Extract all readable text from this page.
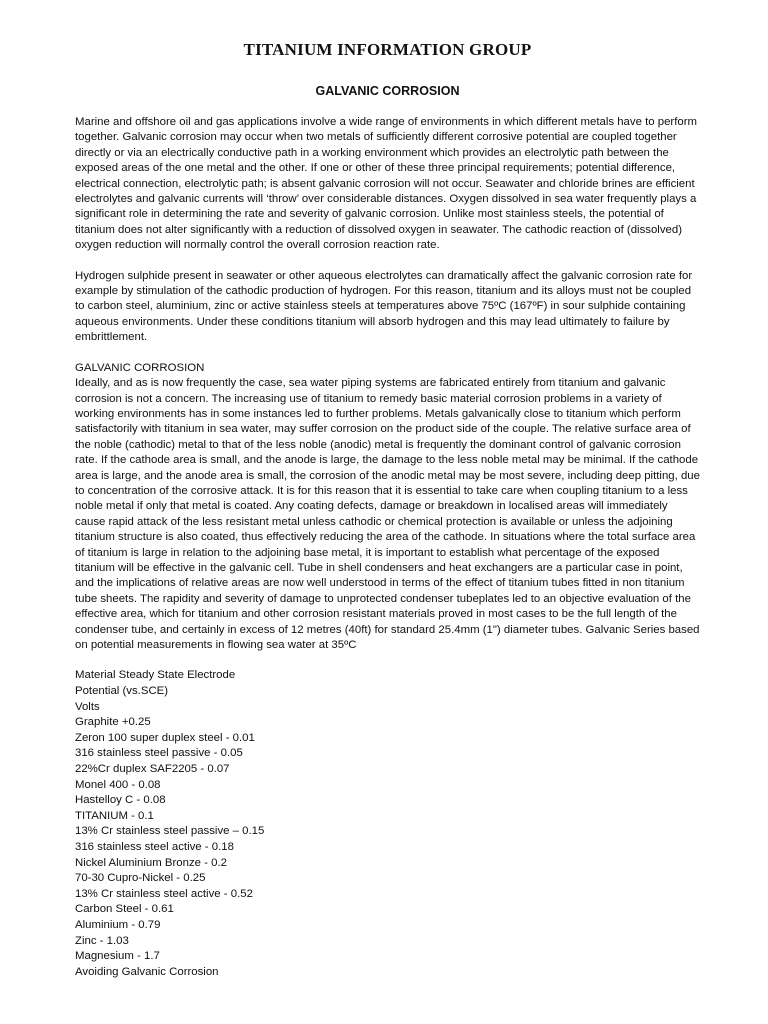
TITANIUM INFORMATION GROUP
GALVANIC CORROSION

Marine and offshore oil and gas applications involve a wide range of environments in which different metals have to perform together. Galvanic corrosion may occur when two metals of sufficiently different corrosive potential are coupled together directly or via an electrically conductive path in a working environment which provides an electrolytic path between the exposed areas of the one metal and the other. If one or other of these three principal requirements; potential difference, electrical connection, electrolytic path; is absent galvanic corrosion will not occur. Seawater and chloride brines are efficient electrolytes and galvanic currents will ‘throw’ over considerable distances. Oxygen dissolved in sea water frequently plays a significant role in determining the rate and severity of galvanic corrosion. Unlike most stainless steels, the potential of titanium does not alter significantly with a reduction of dissolved oxygen in seawater. The cathodic reaction of (dissolved) oxygen reduction will normally control the overall corrosion reaction rate.

Hydrogen sulphide present in seawater or other aqueous electrolytes can dramatically affect the galvanic corrosion rate for example by stimulation of the cathodic production of hydrogen. For this reason, titanium and its alloys must not be coupled to carbon steel, aluminium, zinc or active stainless steels at temperatures above 75ºC (167ºF) in sour sulphide containing aqueous environments. Under these conditions titanium will absorb hydrogen and this may lead ultimately to failure by embrittlement.

GALVANIC CORROSION

Ideally, and as is now frequently the case, sea water piping systems are fabricated entirely from titanium and galvanic corrosion is not a concern. The increasing use of titanium to remedy basic material corrosion problems in a variety of working environments has in some instances led to further problems. Metals galvanically close to titanium which perform satisfactorily with titanium in sea water, may suffer corrosion on the product side of the couple. The relative surface area of the noble (cathodic) metal to that of the less noble (anodic) metal is frequently the dominant control of galvanic corrosion rate. If the cathode area is small, and the anode is large, the damage to the less noble metal may be minimal. If the cathode area is large, and the anode area is small, the corrosion of the anodic metal may be most severe, including deep pitting, due to concentration of the corrosive attack. It is for this reason that it is essential to take care when coupling titanium to a less noble metal if only that metal is coated. Any coating defects, damage or breakdown in localised areas will immediately cause rapid attack of the less resistant metal unless cathodic or chemical protection is available or unless the adjoining titanium structure is also coated, thus effectively reducing the area of the cathode. In situations where the total surface area of titanium is large in relation to the adjoining base metal, it is important to establish what percentage of the exposed titanium will be effective in the galvanic cell. Tube in shell condensers and heat exchangers are a particular case in point, and the implications of relative areas are now well understood in terms of the effect of titanium tubes fitted in non titanium tube sheets. The rapidity and severity of damage to unprotected condenser tubeplates led to an objective evaluation of the effective area, which for titanium and other corrosion resistant materials proved in most cases to be the full length of the condenser tube, and certainly in excess of 12 metres (40ft) for standard 25.4mm (1") diameter tubes. Galvanic Series based on potential measurements in flowing sea water at 35ºC

Material Steady State Electrode
Potential (vs.SCE)
Volts
Graphite +0.25
Zeron 100 super duplex steel - 0.01
316 stainless steel passive - 0.05
22%Cr duplex SAF2205 - 0.07
Monel 400 - 0.08
Hastelloy C - 0.08
TITANIUM - 0.1
13% Cr stainless steel passive – 0.15
316 stainless steel active - 0.18
Nickel Aluminium Bronze - 0.2
70-30 Cupro-Nickel - 0.25
13% Cr stainless steel active - 0.52
Carbon Steel - 0.61
Aluminium - 0.79
Zinc - 1.03
Magnesium - 1.7
Avoiding Galvanic Corrosion
